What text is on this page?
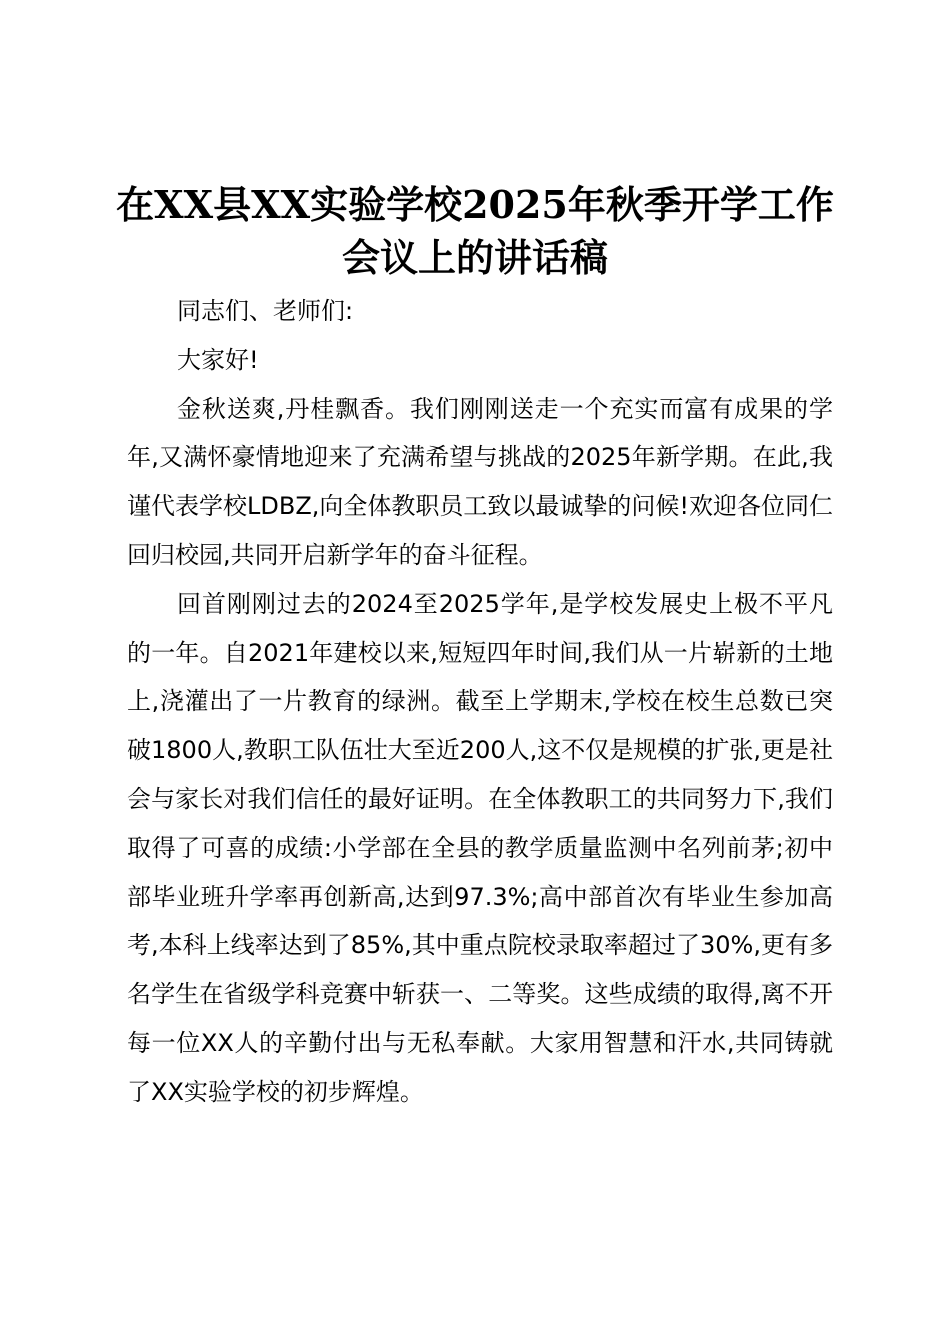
在XX县XX实验学校2025年秋季开学工作会议上的讲话稿

同志们、老师们:

大家好!

金秋送爽,丹桂飘香。我们刚刚送走一个充实而富有成果的学年,又满怀豪情地迎来了充满希望与挑战的2025年新学期。在此,我谨代表学校LDBZ,向全体教职员工致以最诚挚的问候!欢迎各位同仁回归校园,共同开启新学年的奋斗征程。

回首刚刚过去的2024至2025学年,是学校发展史上极不平凡的一年。自2021年建校以来,短短四年时间,我们从一片崭新的土地上,浇灌出了一片教育的绿洲。截至上学期末,学校在校生总数已突破1800人,教职工队伍壮大至近200人,这不仅是规模的扩张,更是社会与家长对我们信任的最好证明。在全体教职工的共同努力下,我们取得了可喜的成绩:小学部在全县的教学质量监测中名列前茅;初中部毕业班升学率再创新高,达到97.3%;高中部首次有毕业生参加高考,本科上线率达到了85%,其中重点院校录取率超过了30%,更有多名学生在省级学科竞赛中斩获一、二等奖。这些成绩的取得,离不开每一位XX人的辛勤付出与无私奉献。大家用智慧和汗水,共同铸就了XX实验学校的初步辉煌。
